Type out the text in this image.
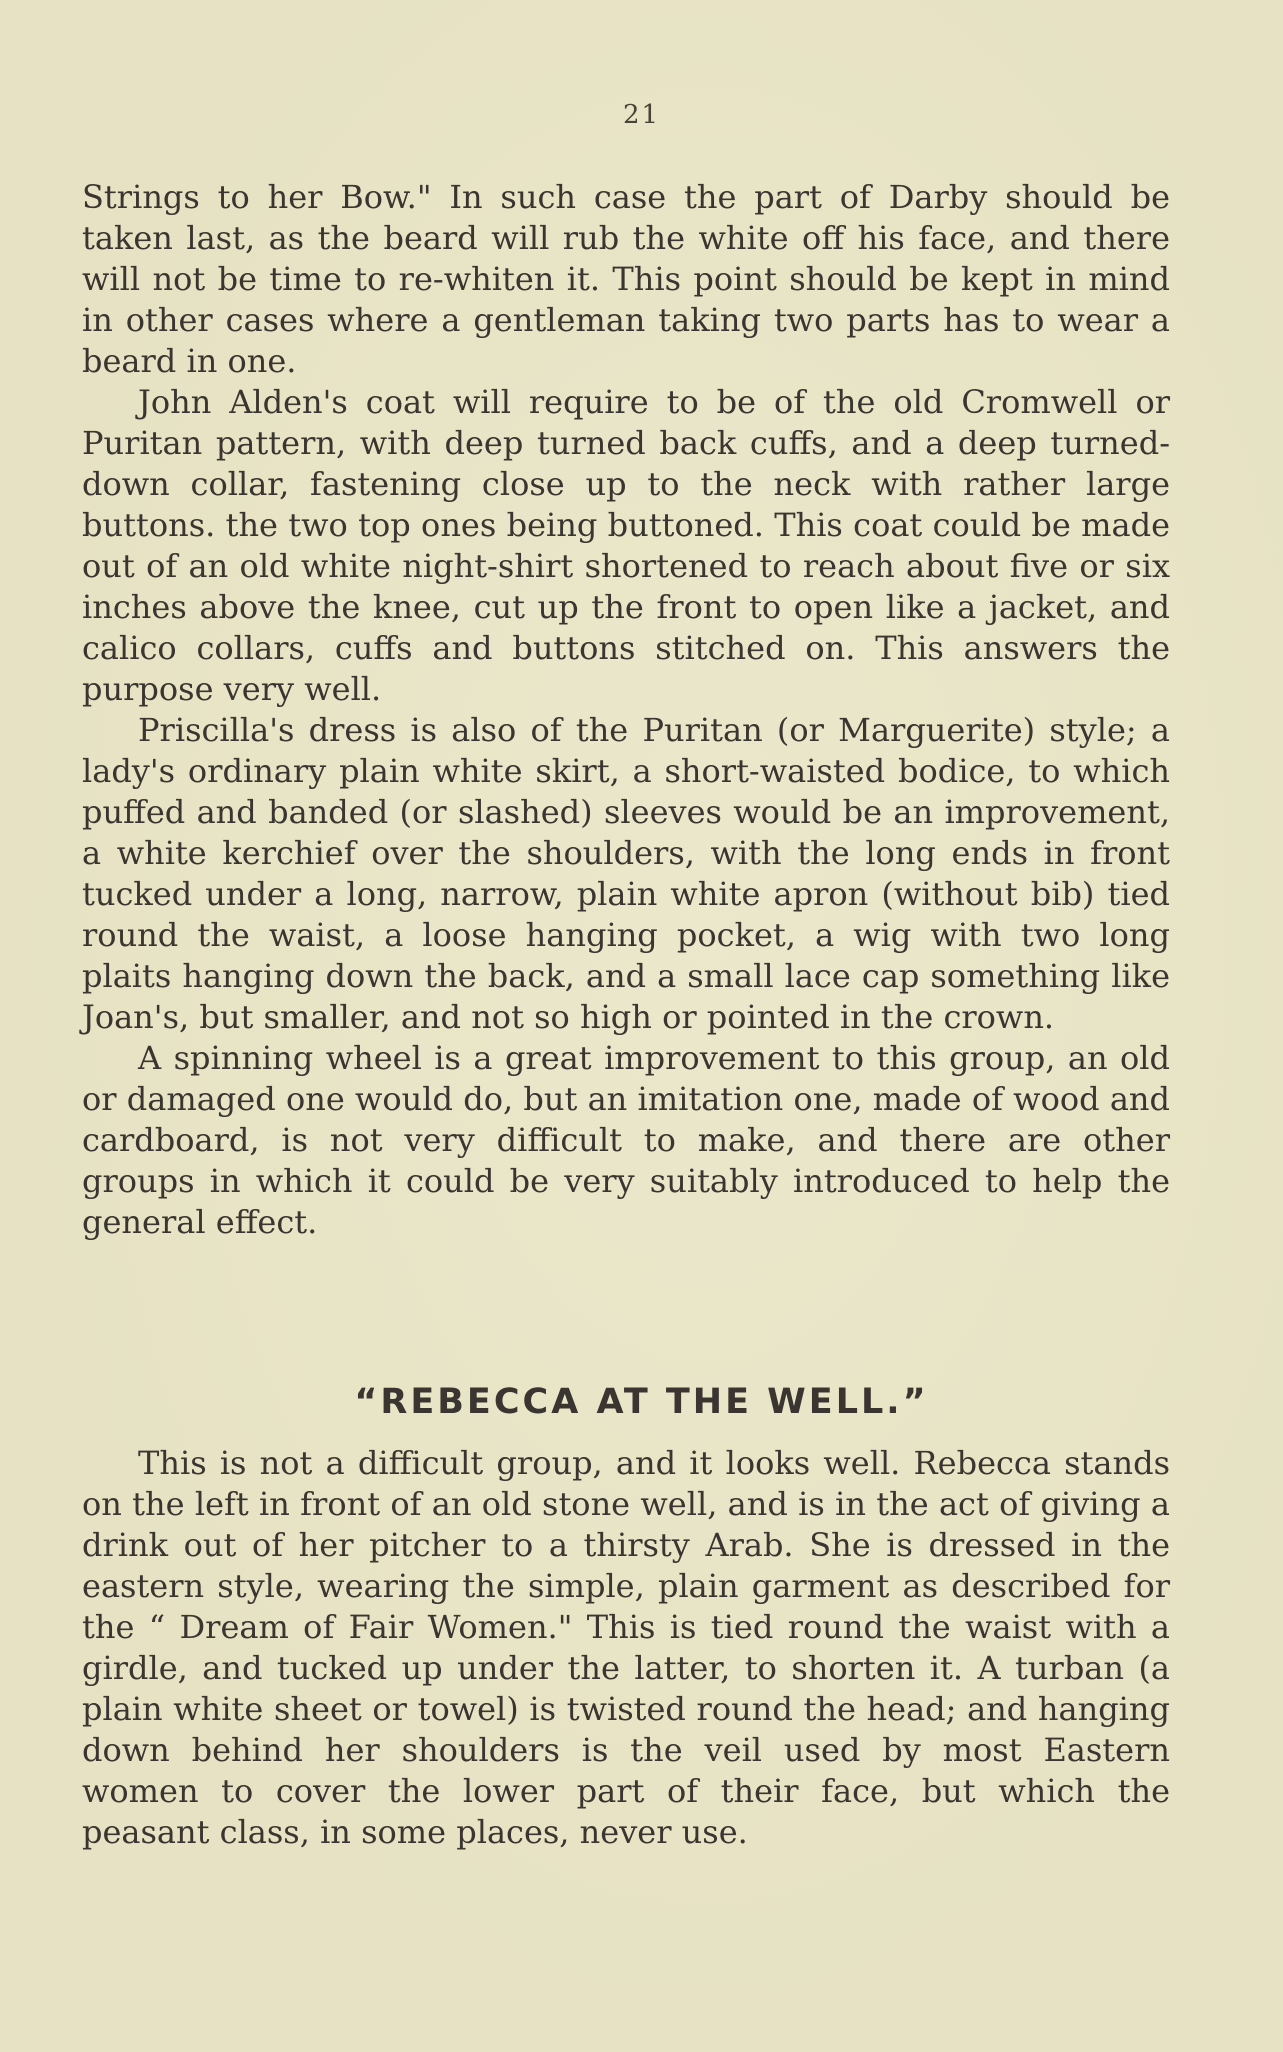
21

Strings to her Bow." In such case the part of Darby should be taken last, as the beard will rub the white off his face, and there will not be time to re-whiten it. This point should be kept in mind in other cases where a gentleman taking two parts has to wear a beard in one.

John Alden's coat will require to be of the old Cromwell or Puritan pattern, with deep turned back cuffs, and a deep turned-down collar, fastening close up to the neck with rather large buttons. the two top ones being buttoned. This coat could be made out of an old white night-shirt shortened to reach about five or six inches above the knee, cut up the front to open like a jacket, and calico collars, cuffs and buttons stitched on. This answers the purpose very well.

Priscilla's dress is also of the Puritan (or Marguerite) style; a lady's ordinary plain white skirt, a short-waisted bodice, to which puffed and banded (or slashed) sleeves would be an improvement, a white kerchief over the shoulders, with the long ends in front tucked under a long, narrow, plain white apron (without bib) tied round the waist, a loose hanging pocket, a wig with two long plaits hanging down the back, and a small lace cap something like Joan's, but smaller, and not so high or pointed in the crown.

A spinning wheel is a great improvement to this group, an old or damaged one would do, but an imitation one, made of wood and cardboard, is not very difficult to make, and there are other groups in which it could be very suitably introduced to help the general effect.

“REBECCA AT THE WELL.”

This is not a difficult group, and it looks well. Rebecca stands on the left in front of an old stone well, and is in the act of giving a drink out of her pitcher to a thirsty Arab. She is dressed in the eastern style, wearing the simple, plain garment as described for the “ Dream of Fair Women." This is tied round the waist with a girdle, and tucked up under the latter, to shorten it. A turban (a plain white sheet or towel) is twisted round the head; and hanging down behind her shoulders is the veil used by most Eastern women to cover the lower part of their face, but which the peasant class, in some places, never use.
